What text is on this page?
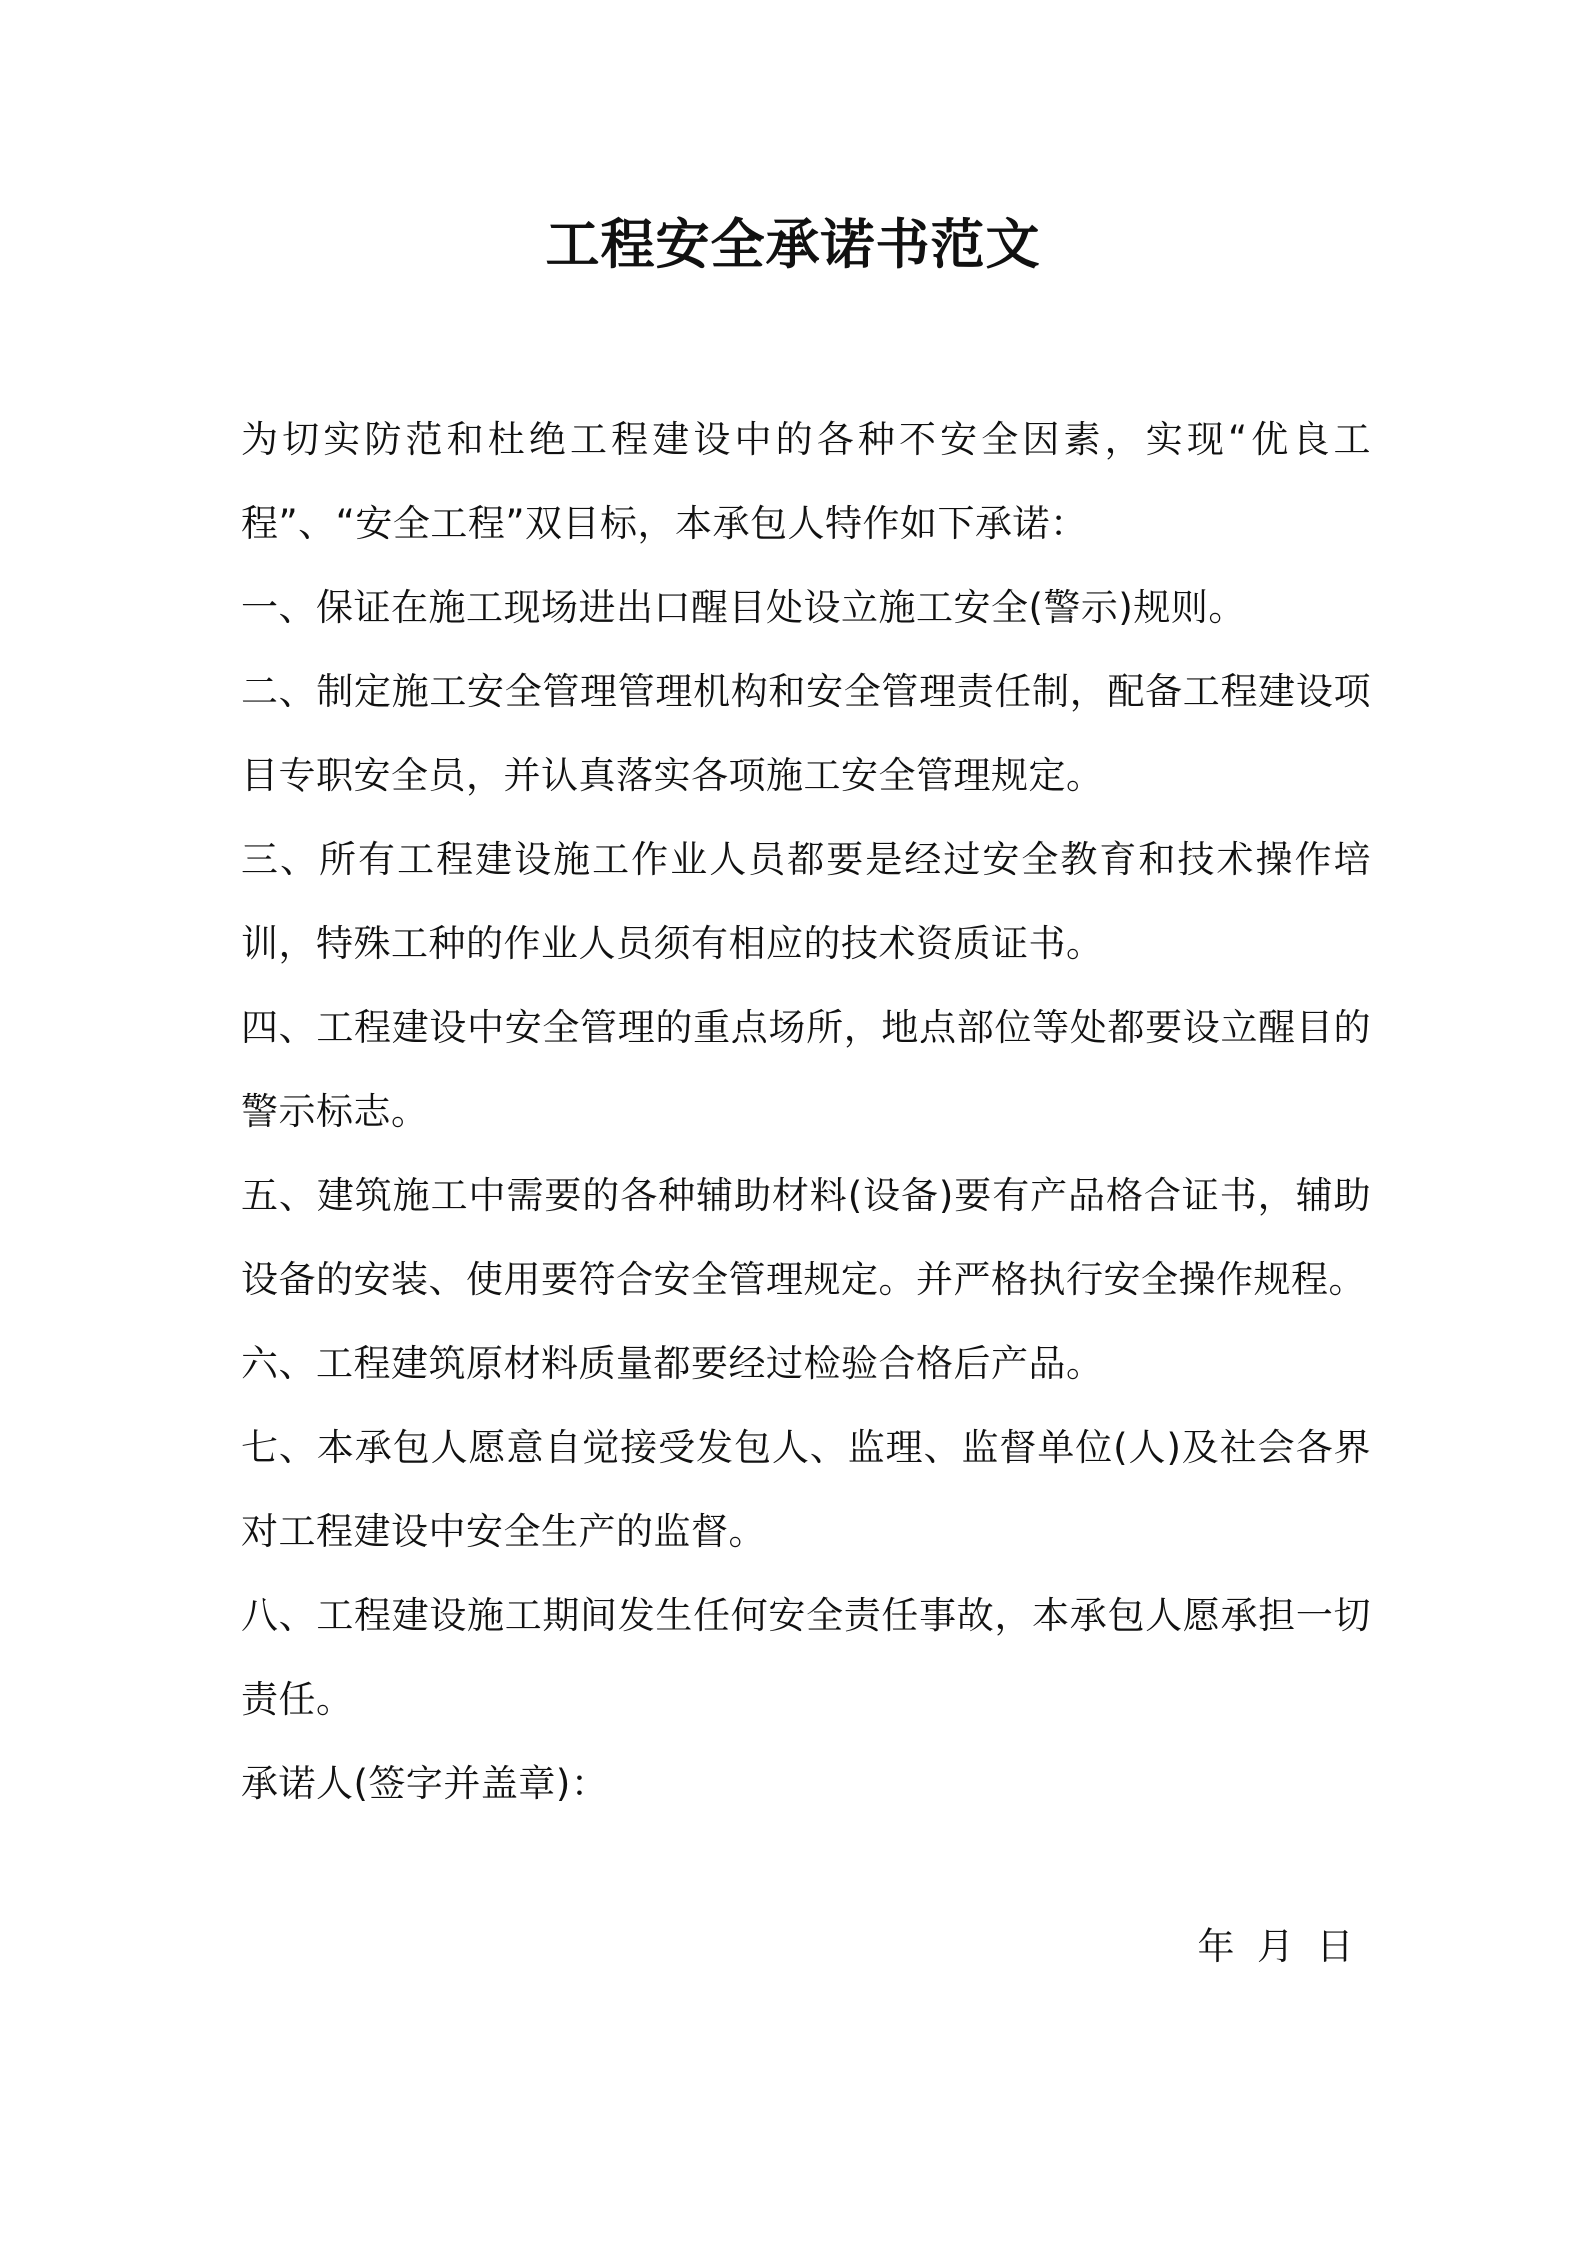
工程安全承诺书范文

为切实防范和杜绝工程建设中的各种不安全因素，实现“优良工程”、“安全工程”双目标，本承包人特作如下承诺：

一、保证在施工现场进出口醒目处设立施工安全(警示)规则。

二、制定施工安全管理管理机构和安全管理责任制，配备工程建设项目专职安全员，并认真落实各项施工安全管理规定。

三、所有工程建设施工作业人员都要是经过安全教育和技术操作培训，特殊工种的作业人员须有相应的技术资质证书。

四、工程建设中安全管理的重点场所，地点部位等处都要设立醒目的警示标志。

五、建筑施工中需要的各种辅助材料(设备)要有产品格合证书，辅助设备的安装、使用要符合安全管理规定。并严格执行安全操作规程。

六、工程建筑原材料质量都要经过检验合格后产品。

七、本承包人愿意自觉接受发包人、监理、监督单位(人)及社会各界对工程建设中安全生产的监督。

八、工程建设施工期间发生任何安全责任事故，本承包人愿承担一切责任。

承诺人(签字并盖章)：

年 月 日
